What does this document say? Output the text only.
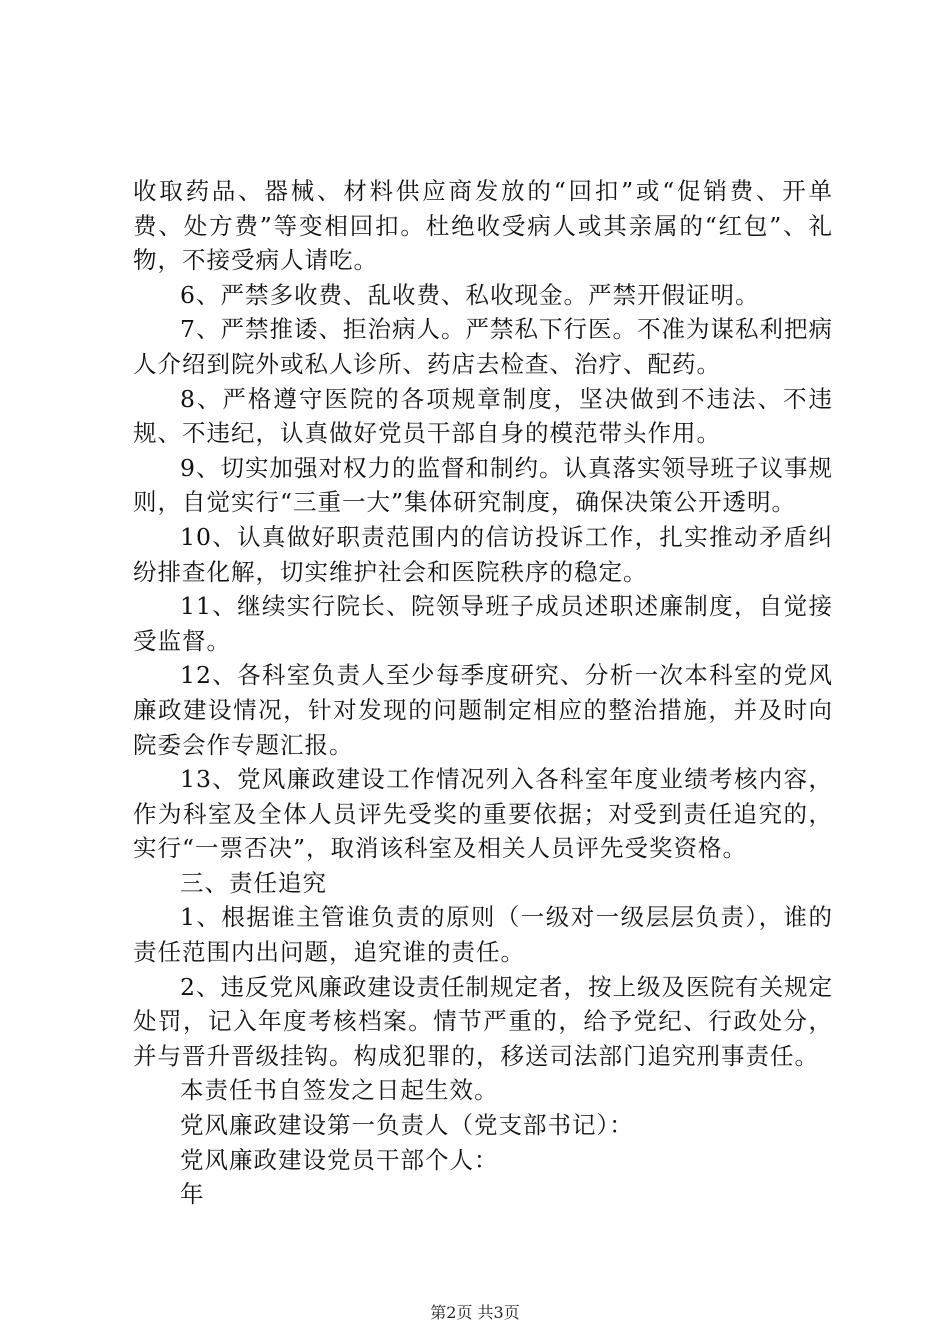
收取药品、器械、材料供应商发放的“回扣”或“促销费、开单费、处方费”等变相回扣。杜绝收受病人或其亲属的“红包”、礼物，不接受病人请吃。

6、严禁多收费、乱收费、私收现金。严禁开假证明。

7、严禁推诿、拒治病人。严禁私下行医。不准为谋私利把病人介绍到院外或私人诊所、药店去检查、治疗、配药。

8、严格遵守医院的各项规章制度，坚决做到不违法、不违规、不违纪，认真做好党员干部自身的模范带头作用。

9、切实加强对权力的监督和制约。认真落实领导班子议事规则，自觉实行“三重一大”集体研究制度，确保决策公开透明。

10、认真做好职责范围内的信访投诉工作，扎实推动矛盾纠纷排查化解，切实维护社会和医院秩序的稳定。

11、继续实行院长、院领导班子成员述职述廉制度，自觉接受监督。

12、各科室负责人至少每季度研究、分析一次本科室的党风廉政建设情况，针对发现的问题制定相应的整治措施，并及时向院委会作专题汇报。

13、党风廉政建设工作情况列入各科室年度业绩考核内容，作为科室及全体人员评先受奖的重要依据；对受到责任追究的，实行“一票否决”，取消该科室及相关人员评先受奖资格。

三、责任追究

1、根据谁主管谁负责的原则（一级对一级层层负责），谁的责任范围内出问题，追究谁的责任。

2、违反党风廉政建设责任制规定者，按上级及医院有关规定处罚，记入年度考核档案。情节严重的，给予党纪、行政处分，并与晋升晋级挂钩。构成犯罪的，移送司法部门追究刑事责任。

本责任书自签发之日起生效。

党风廉政建设第一负责人（党支部书记）：

党风廉政建设党员干部个人：

年

第2页 共3页
